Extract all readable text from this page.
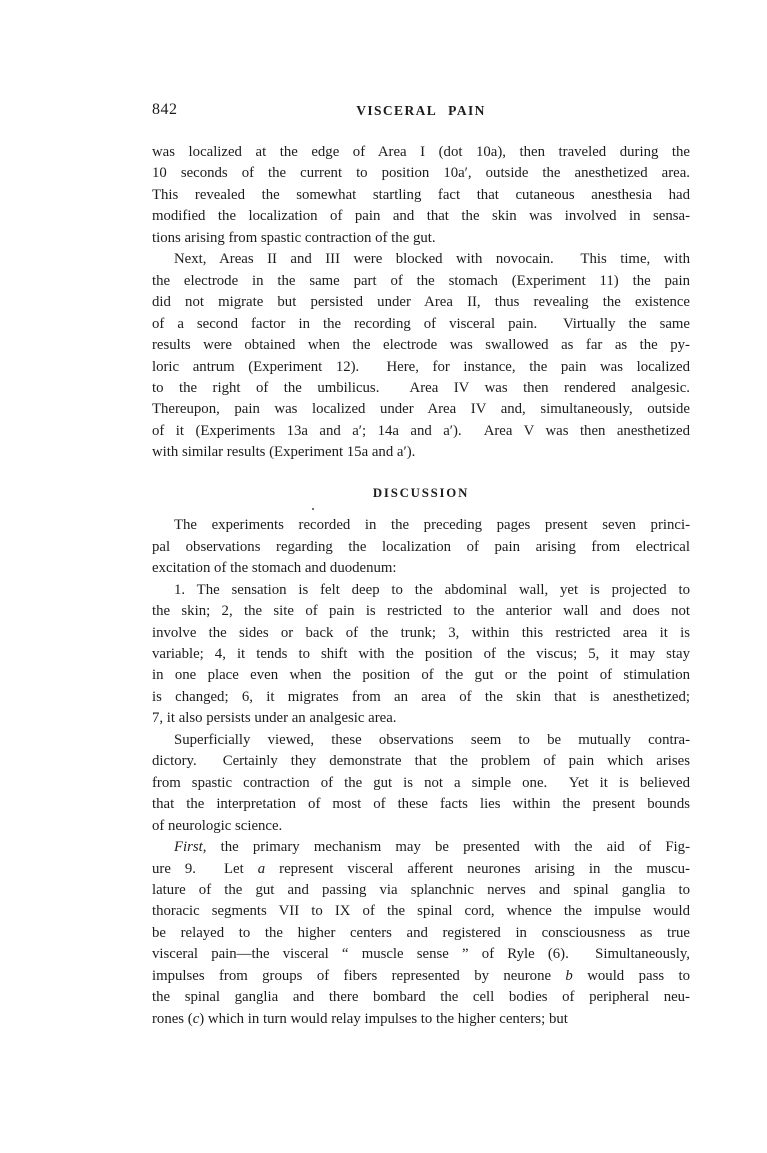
842	VISCERAL PAIN
was localized at the edge of Area I (dot 10a), then traveled during the
10 seconds of the current to position 10a′, outside the anesthetized area.
This revealed the somewhat startling fact that cutaneous anesthesia had
modified the localization of pain and that the skin was involved in sensa-
tions arising from spastic contraction of the gut.
Next, Areas II and III were blocked with novocain.  This time, with
the electrode in the same part of the stomach (Experiment 11) the pain
did not migrate but persisted under Area II, thus revealing the existence
of a second factor in the recording of visceral pain.  Virtually the same
results were obtained when the electrode was swallowed as far as the py-
loric antrum (Experiment 12).  Here, for instance, the pain was localized
to the right of the umbilicus.  Area IV was then rendered analgesic.
Thereupon, pain was localized under Area IV and, simultaneously, outside
of it (Experiments 13a and a′; 14a and a′).  Area V was then anesthetized
with similar results (Experiment 15a and a′).
DISCUSSION
The experiments recorded in the preceding pages present seven princi-
pal observations regarding the localization of pain arising from electrical
excitation of the stomach and duodenum:
1. The sensation is felt deep to the abdominal wall, yet is projected to
the skin; 2, the site of pain is restricted to the anterior wall and does not
involve the sides or back of the trunk; 3, within this restricted area it is
variable; 4, it tends to shift with the position of the viscus; 5, it may stay
in one place even when the position of the gut or the point of stimulation
is changed; 6, it migrates from an area of the skin that is anesthetized;
7, it also persists under an analgesic area.
Superficially viewed, these observations seem to be mutually contra-
dictory.  Certainly they demonstrate that the problem of pain which arises
from spastic contraction of the gut is not a simple one.  Yet it is believed
that the interpretation of most of these facts lies within the present bounds
of neurologic science.
First, the primary mechanism may be presented with the aid of Fig-
ure 9.  Let a represent visceral afferent neurones arising in the muscu-
lature of the gut and passing via splanchnic nerves and spinal ganglia to
thoracic segments VII to IX of the spinal cord, whence the impulse would
be relayed to the higher centers and registered in consciousness as true
visceral pain—the visceral “ muscle sense ” of Ryle (6).  Simultaneously,
impulses from groups of fibers represented by neurone b would pass to
the spinal ganglia and there bombard the cell bodies of peripheral neu-
rones (c) which in turn would relay impulses to the higher centers; but
